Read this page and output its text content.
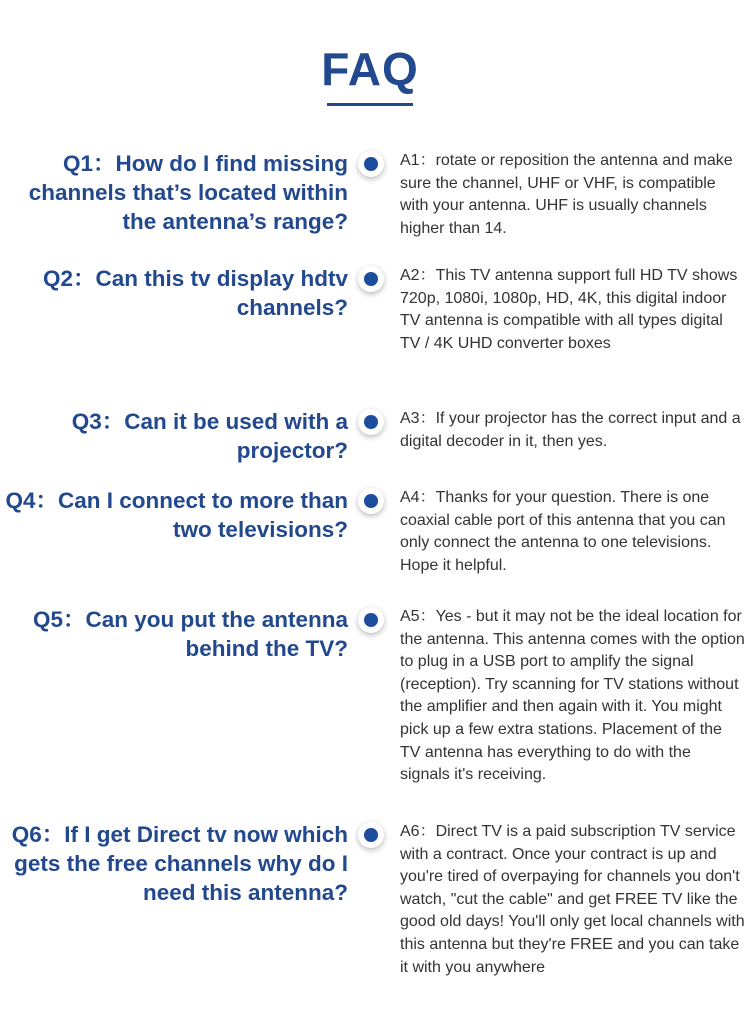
FAQ
Q1：How do I find missing channels that’s located within the antenna’s range?
A1：rotate or reposition the antenna and make sure the channel, UHF or VHF, is compatible with your antenna. UHF is usually channels higher than 14.
Q2：Can this tv display hdtv channels?
A2：This TV antenna support full HD TV shows 720p, 1080i, 1080p, HD, 4K, this digital indoor TV antenna is compatible with all types digital TV / 4K UHD converter boxes
Q3：Can it be used with a projector?
A3：If your projector has the correct input and a digital decoder in it, then yes.
Q4：Can I connect to more than two televisions?
A4：Thanks for your question. There is one coaxial cable port of this antenna that you can only connect the antenna to one televisions. Hope it helpful.
Q5：Can you put the antenna behind the TV?
A5：Yes - but it may not be the ideal location for the antenna. This antenna comes with the option to plug in a USB port to amplify the signal (reception). Try scanning for TV stations without the amplifier and then again with it. You might pick up a few extra stations. Placement of the TV antenna has everything to do with the signals it's receiving.
Q6：If I get Direct tv now which gets the free channels why do I need this antenna?
A6：Direct TV is a paid subscription TV service with a contract. Once your contract is up and you're tired of overpaying for channels you don't watch, "cut the cable" and get FREE TV like the good old days! You'll only get local channels with this antenna but they're FREE and you can take it with you anywhere
